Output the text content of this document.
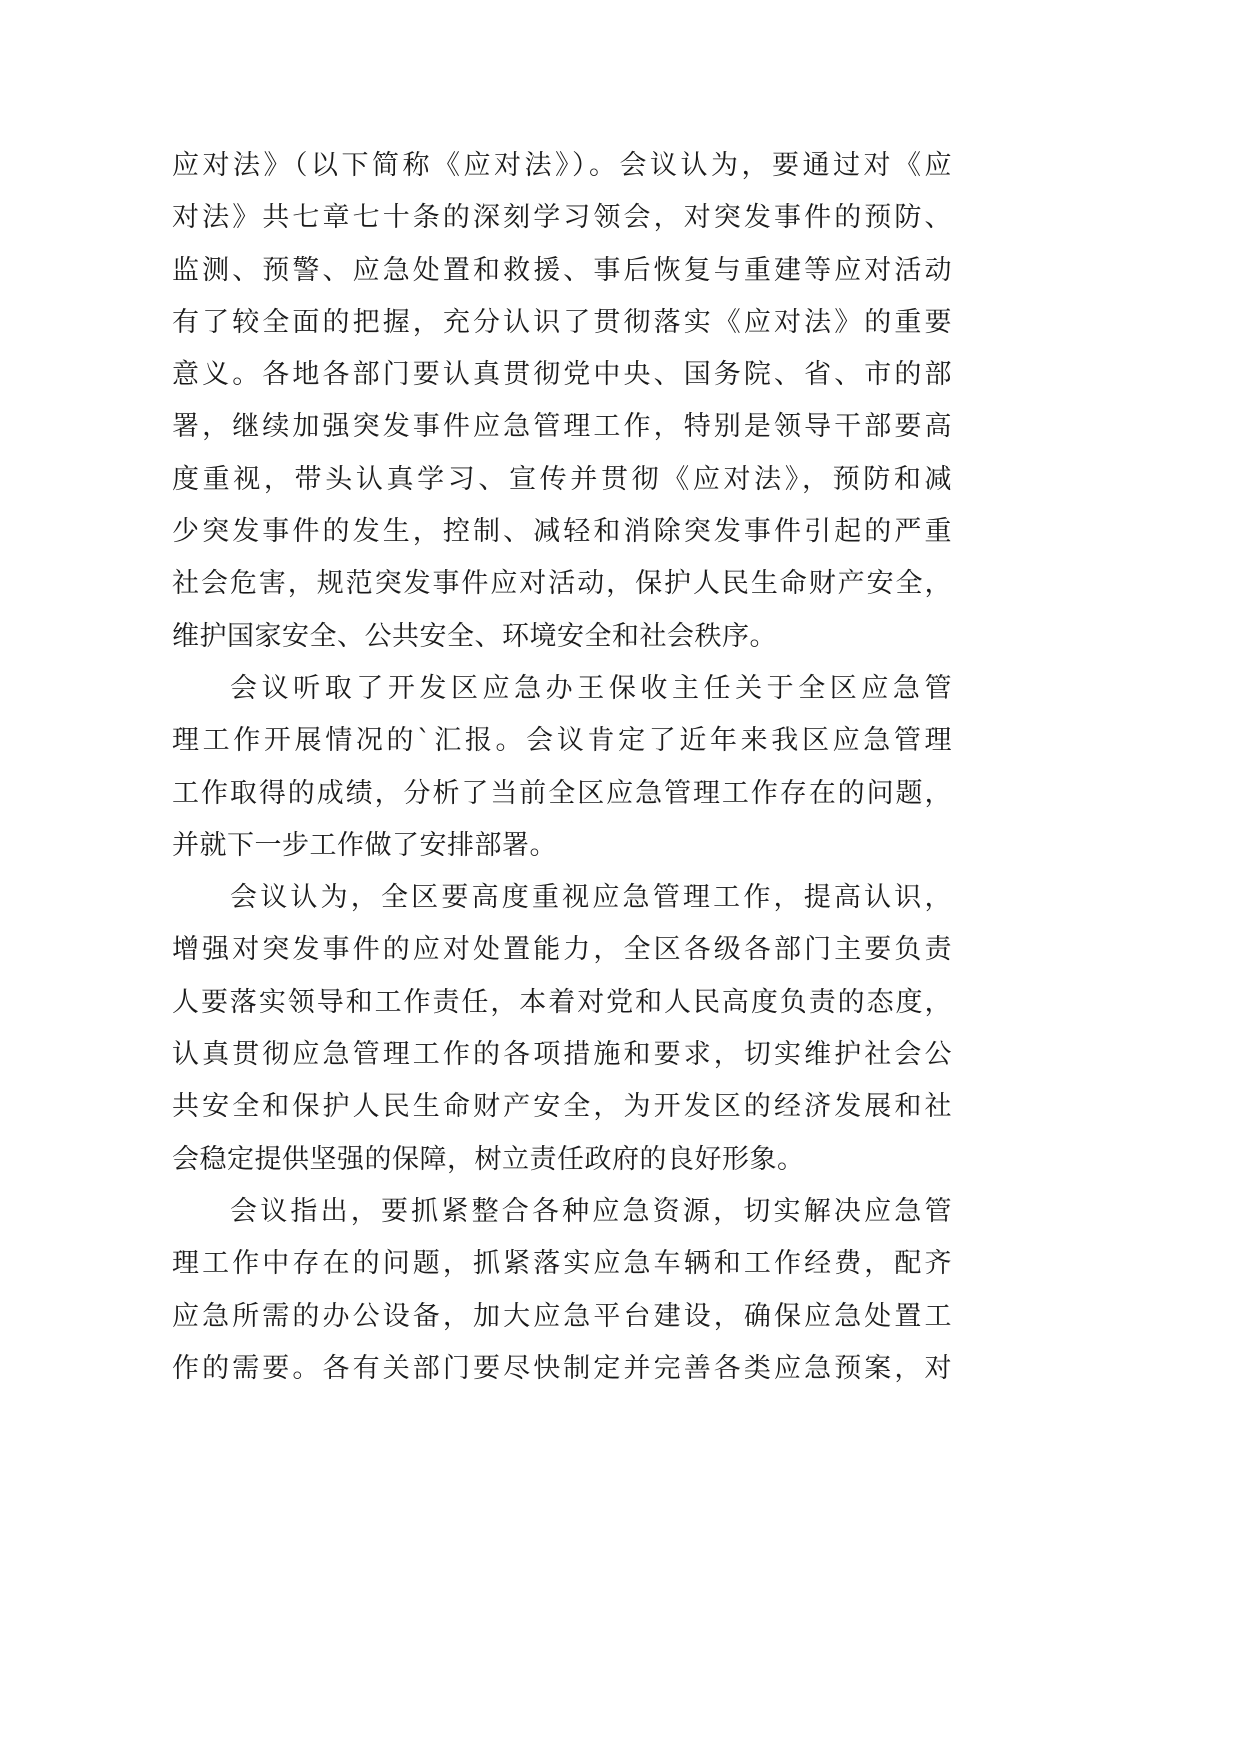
应对法》（以下简称《应对法》）。会议认为，要通过对《应
对法》共七章七十条的深刻学习领会，对突发事件的预防、
监测、预警、应急处置和救援、事后恢复与重建等应对活动
有了较全面的把握，充分认识了贯彻落实《应对法》的重要
意义。各地各部门要认真贯彻党中央、国务院、省、市的部
署，继续加强突发事件应急管理工作，特别是领导干部要高
度重视，带头认真学习、宣传并贯彻《应对法》，预防和减
少突发事件的发生，控制、减轻和消除突发事件引起的严重
社会危害，规范突发事件应对活动，保护人民生命财产安全，
维护国家安全、公共安全、环境安全和社会秩序。
会议听取了开发区应急办王保收主任关于全区应急管
理工作开展情况的`汇报。会议肯定了近年来我区应急管理
工作取得的成绩，分析了当前全区应急管理工作存在的问题，
并就下一步工作做了安排部署。
会议认为，全区要高度重视应急管理工作，提高认识，
增强对突发事件的应对处置能力，全区各级各部门主要负责
人要落实领导和工作责任，本着对党和人民高度负责的态度，
认真贯彻应急管理工作的各项措施和要求，切实维护社会公
共安全和保护人民生命财产安全，为开发区的经济发展和社
会稳定提供坚强的保障，树立责任政府的良好形象。
会议指出，要抓紧整合各种应急资源，切实解决应急管
理工作中存在的问题，抓紧落实应急车辆和工作经费，配齐
应急所需的办公设备，加大应急平台建设，确保应急处置工
作的需要。各有关部门要尽快制定并完善各类应急预案，对
